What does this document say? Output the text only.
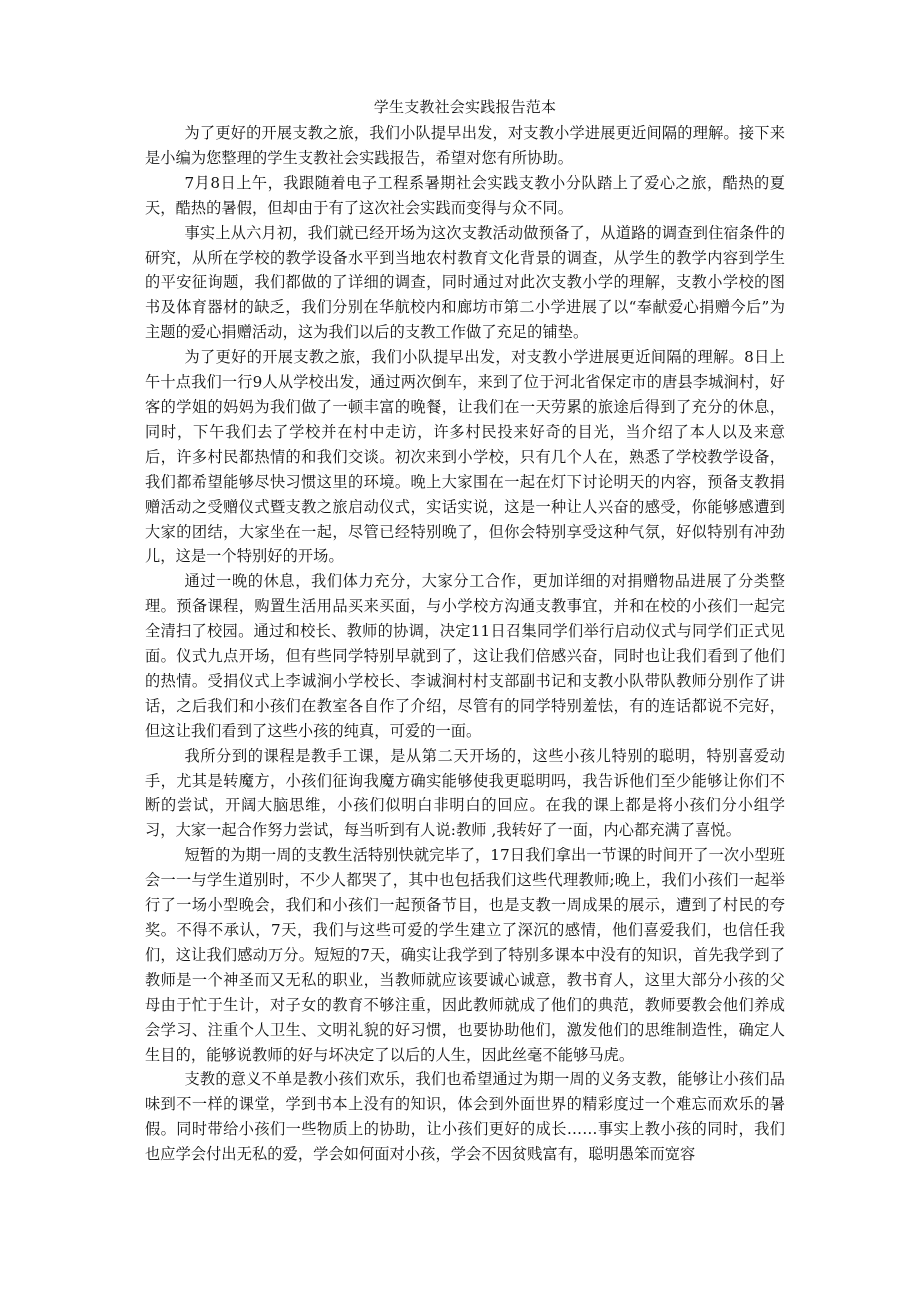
学生支教社会实践报告范本

为了更好的开展支教之旅，我们小队提早出发，对支教小学进展更近间隔的理解。接下来是小编为您整理的学生支教社会实践报告，希望对您有所协助。

7月8日上午，我跟随着电子工程系暑期社会实践支教小分队踏上了爱心之旅，酷热的夏天，酷热的暑假，但却由于有了这次社会实践而变得与众不同。

事实上从六月初，我们就已经开场为这次支教活动做预备了，从道路的调查到住宿条件的研究，从所在学校的教学设备水平到当地农村教育文化背景的调查，从学生的教学内容到学生的平安征询题，我们都做的了详细的调查，同时通过对此次支教小学的理解，支教小学校的图书及体育器材的缺乏，我们分别在华航校内和廊坊市第二小学进展了以“奉献爱心捐赠今后”为主题的爱心捐赠活动，这为我们以后的支教工作做了充足的铺垫。

为了更好的开展支教之旅，我们小队提早出发，对支教小学进展更近间隔的理解。8日上午十点我们一行9人从学校出发，通过两次倒车，来到了位于河北省保定市的唐县李城涧村，好客的学姐的妈妈为我们做了一顿丰富的晚餐，让我们在一天劳累的旅途后得到了充分的休息，同时，下午我们去了学校并在村中走访，许多村民投来好奇的目光，当介绍了本人以及来意后，许多村民都热情的和我们交谈。初次来到小学校，只有几个人在，熟悉了学校教学设备，我们都希望能够尽快习惯这里的环境。晚上大家围在一起在灯下讨论明天的内容，预备支教捐赠活动之受赠仪式暨支教之旅启动仪式，实话实说，这是一种让人兴奋的感受，你能够感遭到大家的团结，大家坐在一起，尽管已经特别晚了，但你会特别享受这种气氛，好似特别有冲劲儿，这是一个特别好的开场。

通过一晚的休息，我们体力充分，大家分工合作，更加详细的对捐赠物品进展了分类整理。预备课程，购置生活用品买来买面，与小学校方沟通支教事宜，并和在校的小孩们一起完全清扫了校园。通过和校长、教师的协调，决定11日召集同学们举行启动仪式与同学们正式见面。仪式九点开场，但有些同学特别早就到了，这让我们倍感兴奋，同时也让我们看到了他们的热情。受捐仪式上李诚涧小学校长、李诚涧村村支部副书记和支教小队带队教师分别作了讲话，之后我们和小孩们在教室各自作了介绍，尽管有的同学特别羞怯，有的连话都说不完好，但这让我们看到了这些小孩的纯真，可爱的一面。

我所分到的课程是教手工课，是从第二天开场的，这些小孩儿特别的聪明，特别喜爱动手，尤其是转魔方，小孩们征询我魔方确实能够使我更聪明吗，我告诉他们至少能够让你们不断的尝试，开阔大脑思维，小孩们似明白非明白的回应。在我的课上都是将小孩们分小组学习，大家一起合作努力尝试，每当听到有人说:教师 ,我转好了一面，内心都充满了喜悦。

短暂的为期一周的支教生活特别快就完毕了，17日我们拿出一节课的时间开了一次小型班会一一与学生道别时，不少人都哭了，其中也包括我们这些代理教师;晚上，我们小孩们一起举行了一场小型晚会，我们和小孩们一起预备节目，也是支教一周成果的展示，遭到了村民的夸奖。不得不承认，7天，我们与这些可爱的学生建立了深沉的感情，他们喜爱我们，也信任我们，这让我们感动万分。短短的7天，确实让我学到了特别多课本中没有的知识，首先我学到了教师是一个神圣而又无私的职业，当教师就应该要诚心诚意，教书育人，这里大部分小孩的父母由于忙于生计，对子女的教育不够注重，因此教师就成了他们的典范，教师要教会他们养成会学习、注重个人卫生、文明礼貌的好习惯，也要协助他们，激发他们的思维制造性，确定人生目的，能够说教师的好与坏决定了以后的人生，因此丝毫不能够马虎。

支教的意义不单是教小孩们欢乐，我们也希望通过为期一周的义务支教，能够让小孩们品味到不一样的课堂，学到书本上没有的知识，体会到外面世界的精彩度过一个难忘而欢乐的暑假。同时带给小孩们一些物质上的协助，让小孩们更好的成长……事实上教小孩的同时，我们也应学会付出无私的爱，学会如何面对小孩，学会不因贫贱富有，聪明愚笨而宽容
